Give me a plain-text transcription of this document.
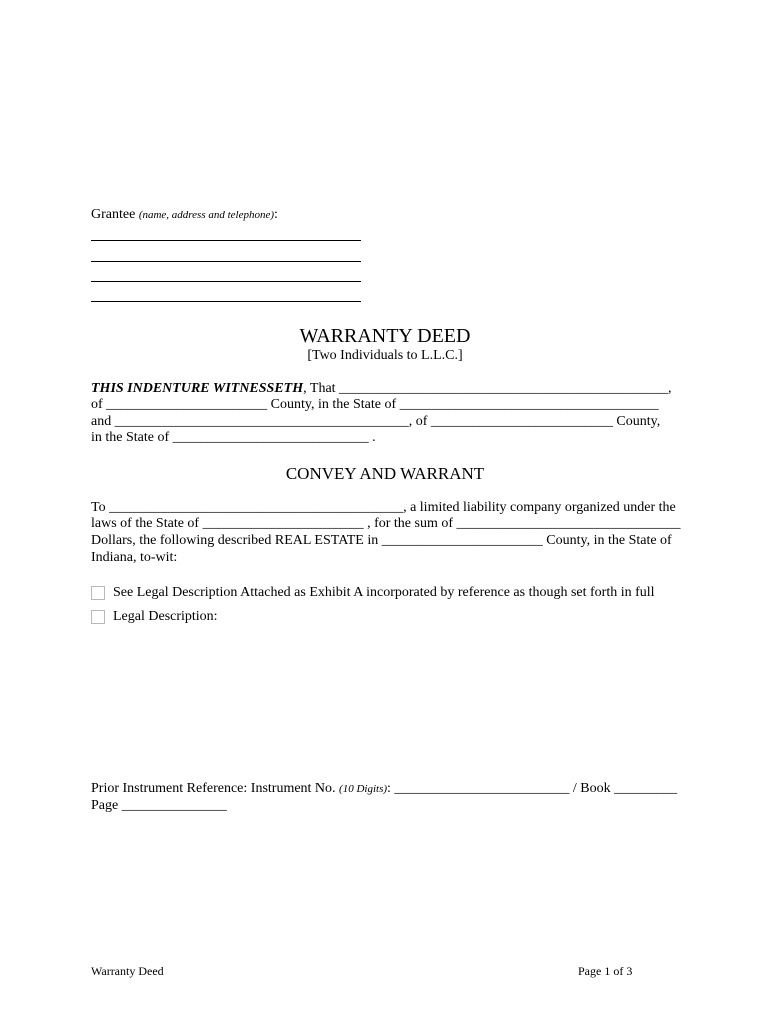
Grantee (name, address and telephone):
WARRANTY DEED
[Two Individuals to L.L.C.]
THIS INDENTURE WITNESSETH, That _______________________________________________,
of _______________________ County, in the State of _____________________________________
and __________________________________________, of __________________________ County,
in the State of ____________________________ .
CONVEY AND WARRANT
To __________________________________________, a limited liability company organized under the
laws of the State of _______________________ , for the sum of ________________________________
Dollars, the following described REAL ESTATE in _______________________ County, in the State of
Indiana, to-wit:
See Legal Description Attached as Exhibit A incorporated by reference as though set forth in full
Legal Description:
Prior Instrument Reference: Instrument No. (10 Digits): _________________________ / Book _________
Page _______________
Warranty Deed	Page 1 of 3
